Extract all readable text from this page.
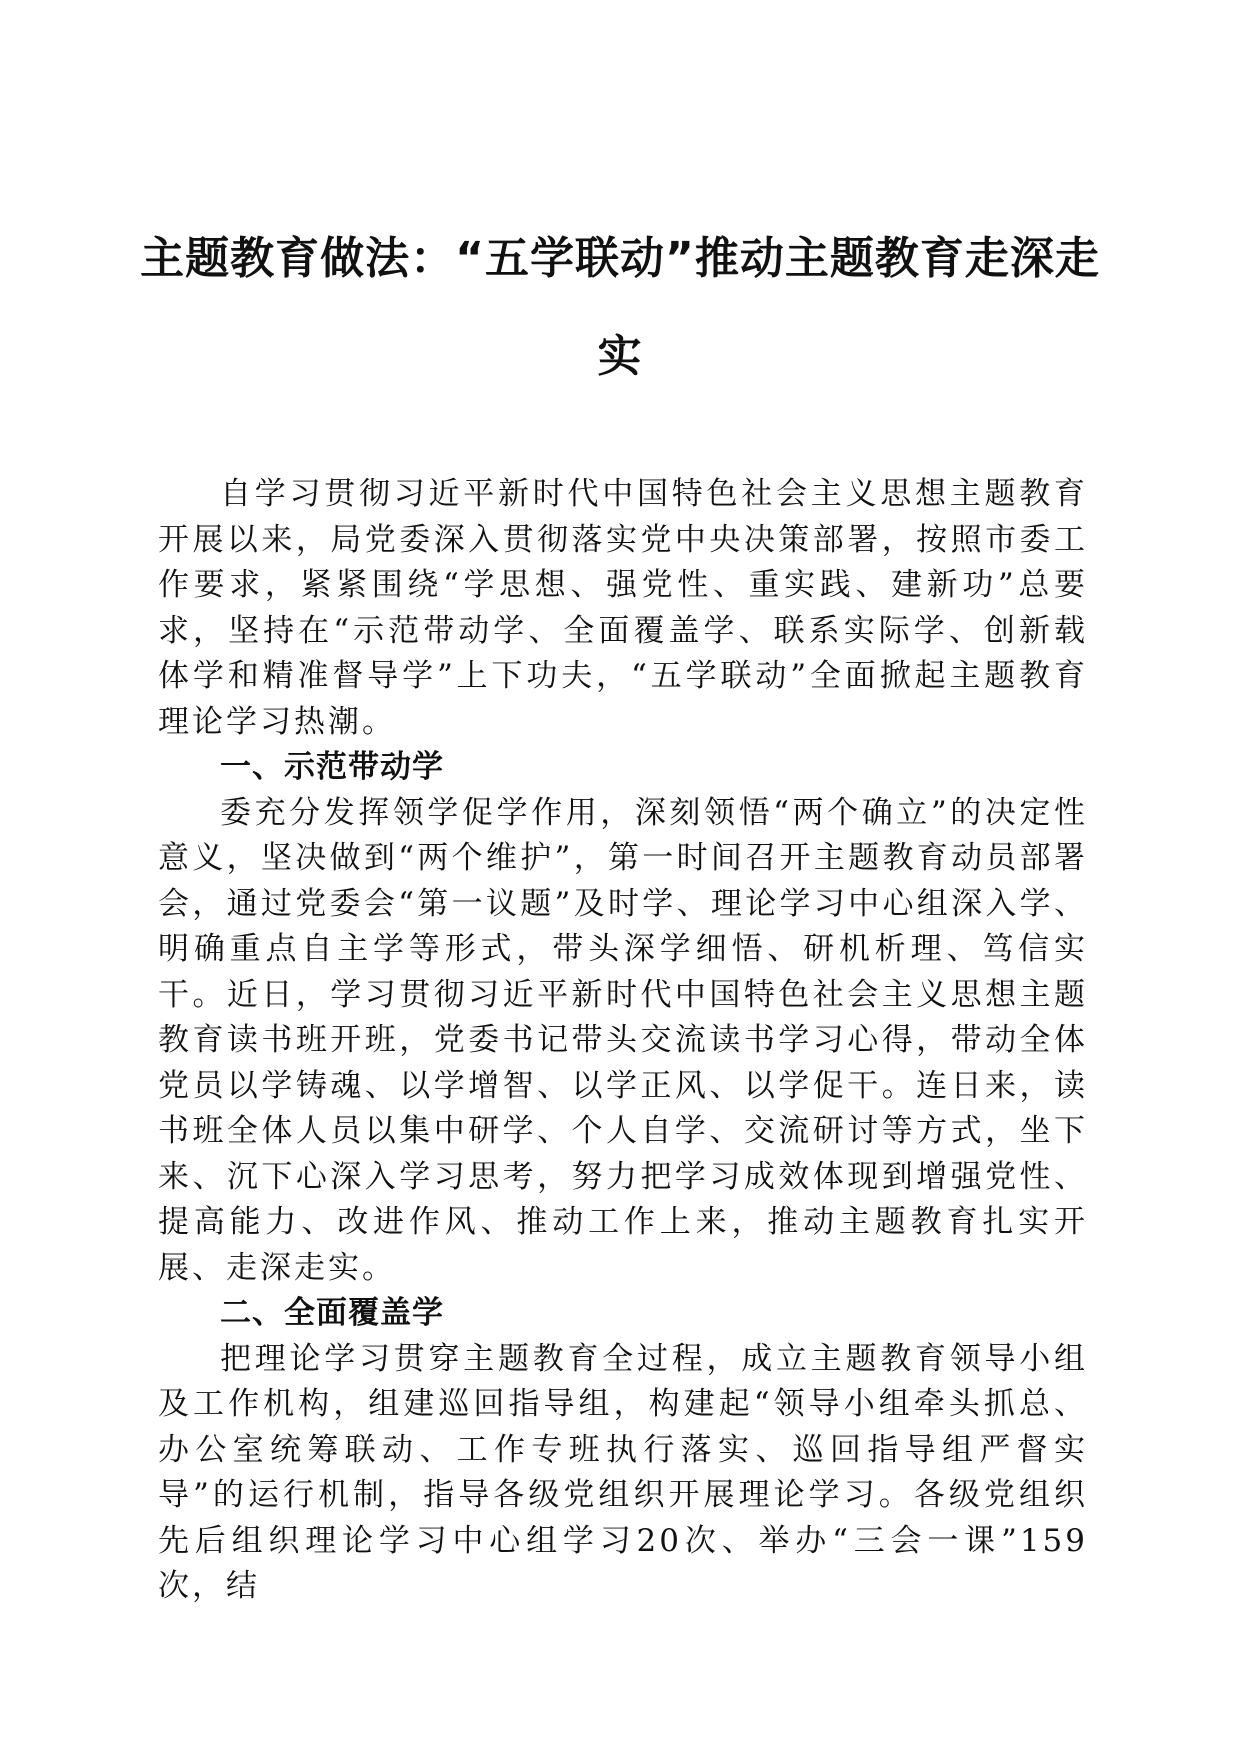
主题教育做法：“五学联动”推动主题教育走深走实

自学习贯彻习近平新时代中国特色社会主义思想主题教育开展以来，局党委深入贯彻落实党中央决策部署，按照市委工作要求，紧紧围绕“学思想、强党性、重实践、建新功”总要求，坚持在“示范带动学、全面覆盖学、联系实际学、创新载体学和精准督导学”上下功夫，“五学联动”全面掀起主题教育理论学习热潮。

一、示范带动学

委充分发挥领学促学作用，深刻领悟“两个确立”的决定性意义，坚决做到“两个维护”，第一时间召开主题教育动员部署会，通过党委会“第一议题”及时学、理论学习中心组深入学、明确重点自主学等形式，带头深学细悟、研机析理、笃信实干。近日，学习贯彻习近平新时代中国特色社会主义思想主题教育读书班开班，党委书记带头交流读书学习心得，带动全体党员以学铸魂、以学增智、以学正风、以学促干。连日来，读书班全体人员以集中研学、个人自学、交流研讨等方式，坐下来、沉下心深入学习思考，努力把学习成效体现到增强党性、提高能力、改进作风、推动工作上来，推动主题教育扎实开展、走深走实。

二、全面覆盖学

把理论学习贯穿主题教育全过程，成立主题教育领导小组及工作机构，组建巡回指导组，构建起“领导小组牵头抓总、办公室统筹联动、工作专班执行落实、巡回指导组严督实导”的运行机制，指导各级党组织开展理论学习。各级党组织先后组织理论学习中心组学习20次、举办“三会一课”159次，结
